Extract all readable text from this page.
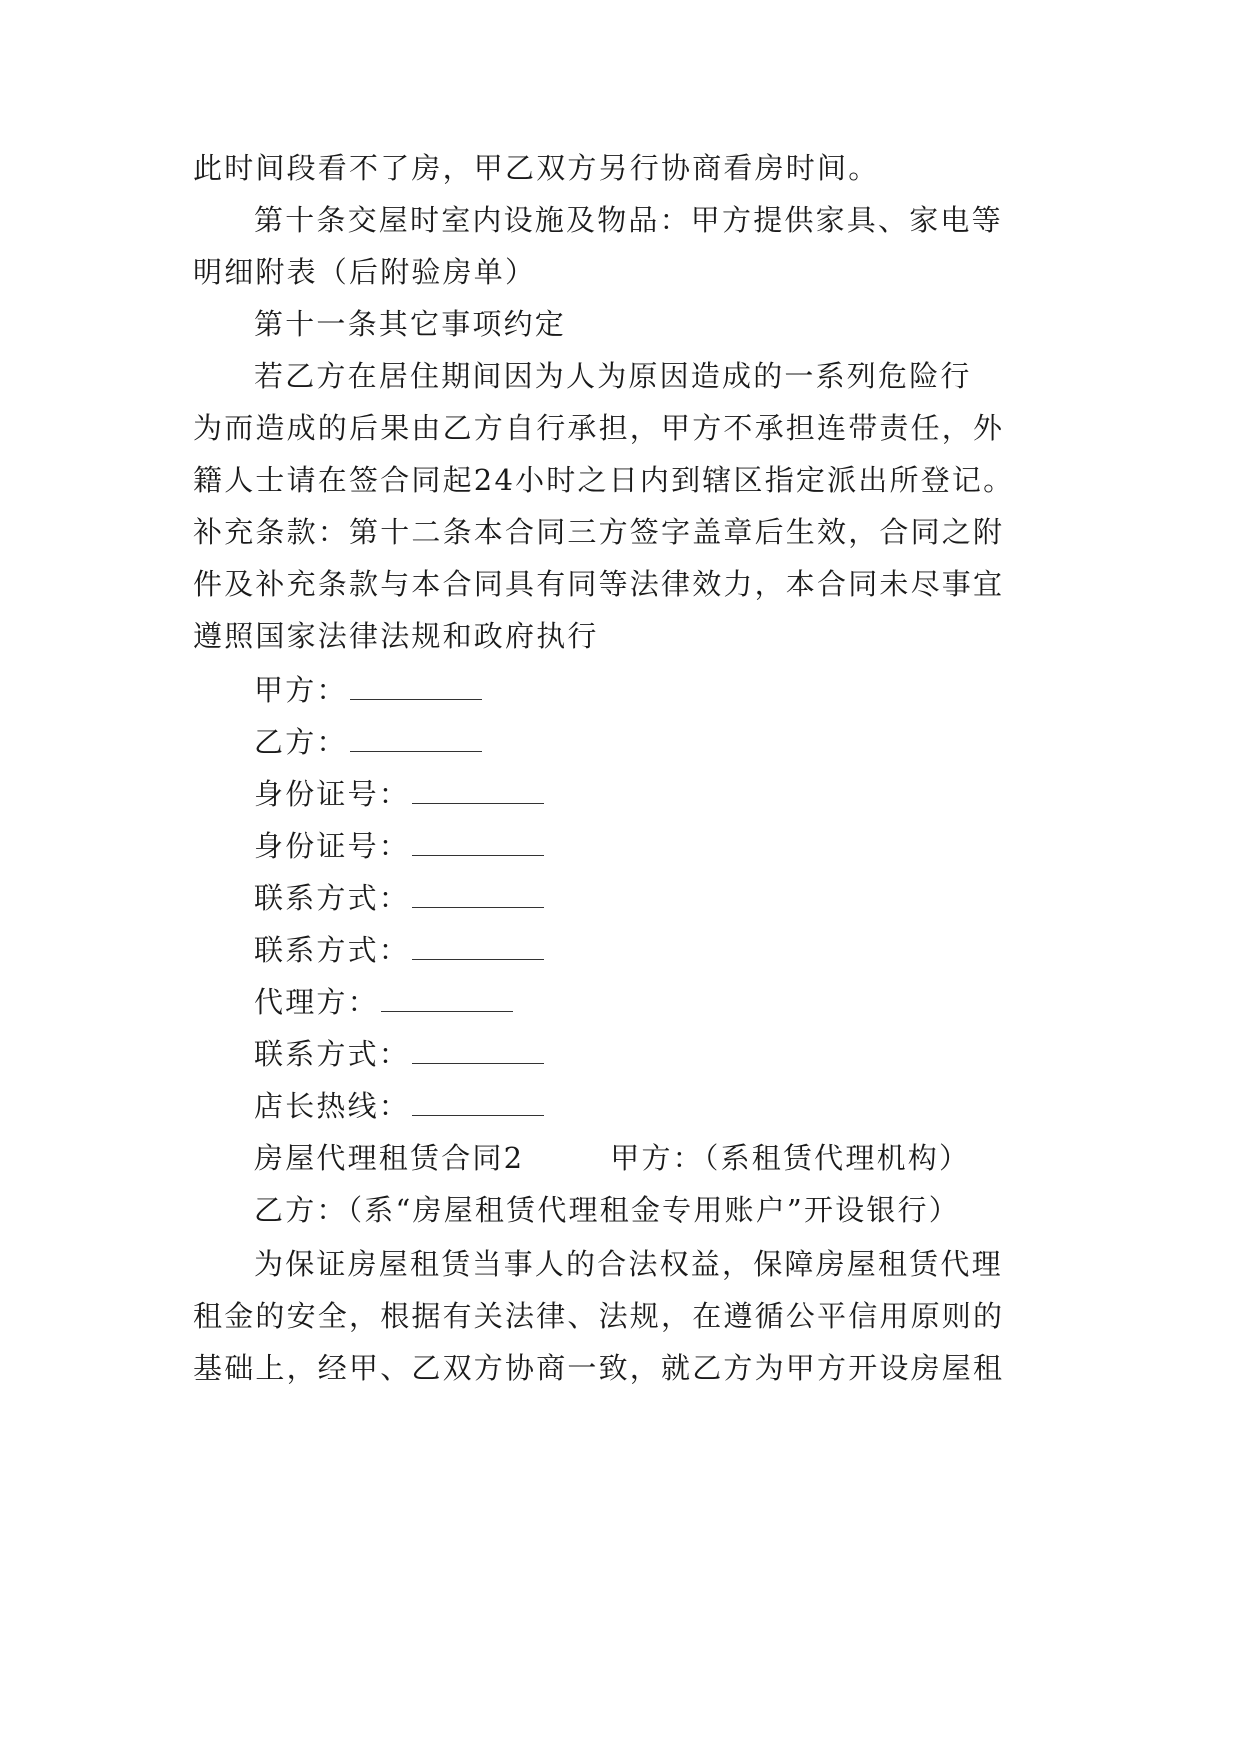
此时间段看不了房，甲乙双方另行协商看房时间。
第十条交屋时室内设施及物品：甲方提供家具、家电等
明细附表（后附验房单）
第十一条其它事项约定
若乙方在居住期间因为人为原因造成的一系列危险行
为而造成的后果由乙方自行承担，甲方不承担连带责任，外
籍人士请在签合同起24小时之日内到辖区指定派出所登记。
补充条款：第十二条本合同三方签字盖章后生效，合同之附
件及补充条款与本合同具有同等法律效力，本合同未尽事宜
遵照国家法律法规和政府执行
甲方：
乙方：
身份证号：
身份证号：
联系方式：
联系方式：
代理方：
联系方式：
店长热线：
房屋代理租赁合同2	甲方：（系租赁代理机构）
乙方：（系“房屋租赁代理租金专用账户”开设银行）
为保证房屋租赁当事人的合法权益，保障房屋租赁代理
租金的安全，根据有关法律、法规，在遵循公平信用原则的
基础上，经甲、乙双方协商一致，就乙方为甲方开设房屋租
